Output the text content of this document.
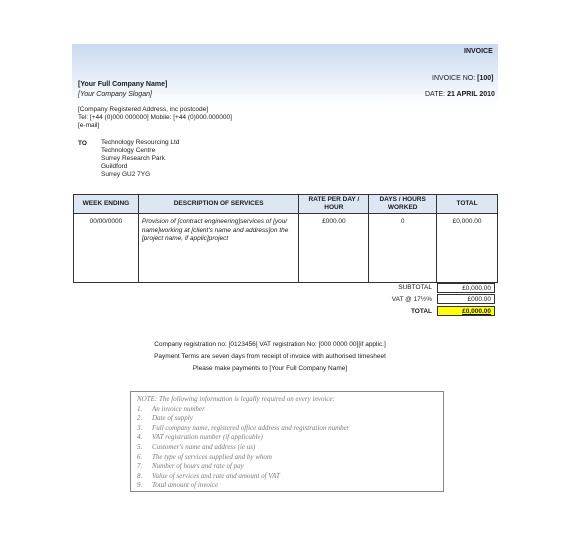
INVOICE
INVOICE NO: [100]
DATE: 21 APRIL 2010
[Your Full Company Name]
[Your Company Slogan]
[Company Registered Address, inc postcode]
Tel: [+44 (0)000 000000] Mobile: [+44 (0)000.000000]
[e-mail]
TO Technology Resourcing Ltd
Technology Centre
Surrey Research Park
Guildford
Surrey GU2 7YG
WEEK ENDING	DESCRIPTION OF SERVICES	RATE PER DAY / HOUR	DAYS / HOURS WORKED	TOTAL
00/00/0000	Provision of [contract engineering]services of [your name]working at [client's name and address]on the [project name, if applic]project	£000.00	0	£0,000.00
SUBTOTAL	£0,000.00
VAT @ 17½%	£000.00
TOTAL	£0,000.00
Company registration no: [0123456] VAT registration No: [000 0000 00][if applic.]
Payment Terms are seven days from receipt of invoice with authorised timesheet
Please make payments to [Your Full Company Name]
NOTE: The following information is legally required on every invoice:
1. An invoice number
2. Date of supply
3. Full company name, registered office address and registration number
4. VAT registration number (if applicable)
5. Customer's name and address (ie us)
6. The type of services supplied and by whom
7. Number of hours and rate of pay
8. Value of services and rate and amount of VAT
9. Total amount of invoice
